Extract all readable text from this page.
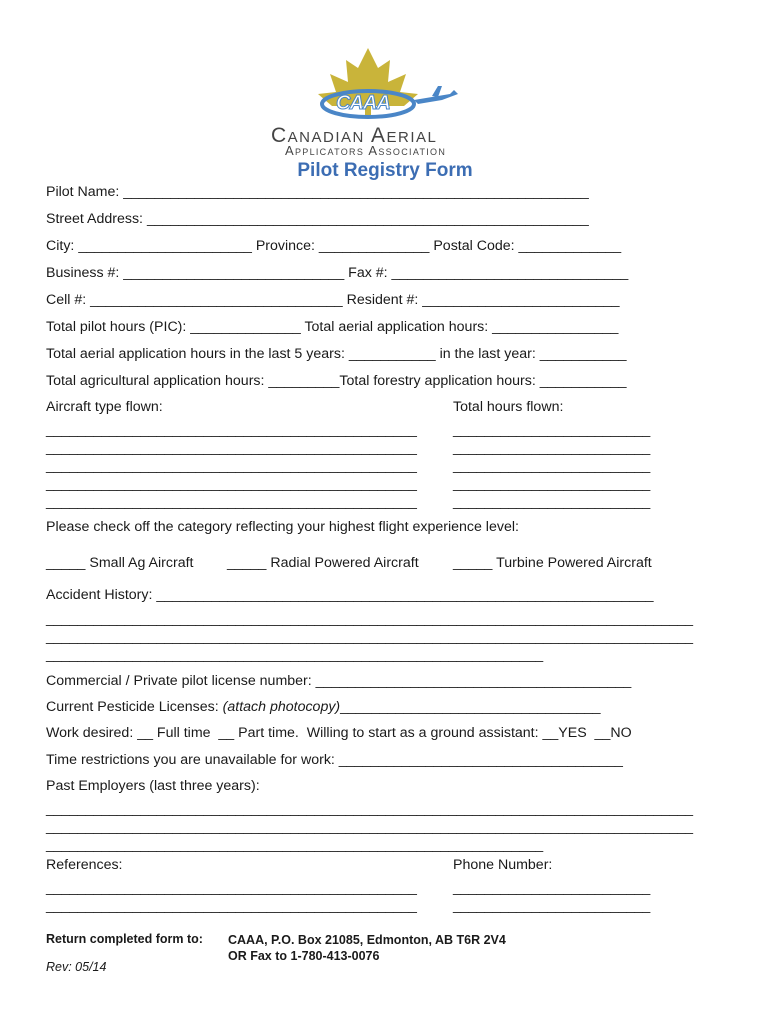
CAAA
Canadian Aerial
Applicators Association
Pilot Registry Form
Pilot Name: ___________________________________________________________
Street Address: ________________________________________________________
City: ______________________ Province: ______________ Postal Code: _____________
Business #: ____________________________ Fax #: ______________________________
Cell #: ________________________________ Resident #: _________________________
Total pilot hours (PIC): ______________ Total aerial application hours: ________________
Total aerial application hours in the last 5 years: ___________ in the last year: ___________
Total agricultural application hours: _________Total forestry application hours: ___________
Aircraft type flown:	Total hours flown:
_______________________________________________	_________________________
_______________________________________________	_________________________
_______________________________________________	_________________________
_______________________________________________	_________________________
_______________________________________________	_________________________
Please check off the category reflecting your highest flight experience level:
_____ Small Ag Aircraft _____ Radial Powered Aircraft _____ Turbine Powered Aircraft
Accident History: _______________________________________________________________
__________________________________________________________________________________
__________________________________________________________________________________
_______________________________________________________________
Commercial / Private pilot license number: ________________________________________
Current Pesticide Licenses: (attach photocopy)_________________________________
Work desired: __ Full time  __ Part time.  Willing to start as a ground assistant: __YES  __NO
Time restrictions you are unavailable for work: ____________________________________
Past Employers (last three years):
__________________________________________________________________________________
__________________________________________________________________________________
_______________________________________________________________
References:	Phone Number:
_______________________________________________	_________________________
_______________________________________________	_________________________
Return completed form to: CAAA, P.O. Box 21085, Edmonton, AB T6R 2V4
OR Fax to 1-780-413-0076
Rev: 05/14
